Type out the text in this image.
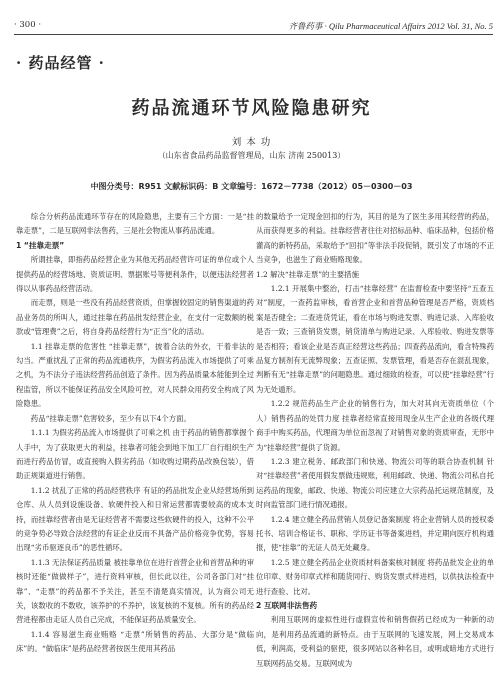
· 300 ·	齐鲁药事 · Qilu Pharmaceutical Affairs 2012 Vol. 31, No. 5
· 药品经管 ·
药品流通环节风险隐患研究
刘 本 功
（山东省食品药品监督管理局，山东 济南 250013）
中图分类号：R951 文献标识码：B 文章编号：1672－7738（2012）05－0300－03

综合分析药品流通环节存在的风险隐患，主要有三个方面：一是“挂靠走票”，二是互联网非法售药，三是社会物流从事药品流通。

1 “挂靠走票”

所谓挂靠，即指药品经营企业为其他无药品经营许可证的单位或个人提供药品的经营场地、资质证明、票据账号等便利条件，以便违法经营者得以从事药品经营活动。

而走票，则是一些没有药品经营资质，但掌握较固定的销售渠道的药品业务员的所叫人，通过挂靠在药品批发经营企业，在支付一定数额的税款或“管理费”之后，将自身药品经营行为“正当”化的活动。

1.1 挂靠走票的危害性 “挂靠走票”，披着合法的外衣，干着非法的勾当。严重扰乱了正常的药品流通秩序，为假劣药品流入市场提供了可乘之机，为不法分子违法经营药品创造了条件。因为药品质量本能能到全过程监管，所以不能保证药品安全风险可控，对人民群众用药安全构成了风险隐患。

药品“挂靠走票”危害较多，至少有以下4个方面。

1.1.1 为假劣药品流入市场提供了可乘之机 由于药品的销售都掌握个人手中，为了获取更大的利益，挂靠者可能会到地下加工厂自行组织生产而进行药品仿冒，或直接购入假劣药品（如收购过期药品改换包装），借助正规渠道进行销售。

1.1.2 扰乱了正常的药品经营秩序 有证的药品批发企业从经营场所到仓库、从人员到设施设备、软硬件投入和日常运营都需要较高的成本支持，而挂靠经营者由是无证经营者不需要这些软硬件的投入，这种不公平的竞争势必导致合法经营的有证企业反而不具备产品价格竞争优势，容易出现“劣币驱逐良币”的恶性循环。

1.1.3 无法保证药品质量 被挂靠单位在进行首营企业和首营品种的审核时还能“做做样子”，进行资料审核，但长此以往，公司各部门对“挂靠”、“走票”的药品都不予关注，甚至不清楚真实情况，认为商公司无关，该数收的不数收，该养护的不养护，该复核的不复核。所有的药品经营进程都由走证人员自己完成，不能保证药品质量安全。

1.1.4 容易滋生商业贿赂 “走票”所销售的药品、大部分是“做临床”的。“做临床”是药品经营者按医生使用其药品

的数量给予一定现金回扣的行为，其目的是为了医生多用其经营的药品，从而获得更多的利益。挂靠经营者往往对招标品种、临床品种，包括价格灌高的新特药品，采取给予“回扣”等非法手段促销，既引发了市场的不正当竞争，也滋生了商业贿赂现象。

1.2 解决“挂靠走票”的主要措施

1.2.1 开展集中整治，打击“挂靠经营” 在监督检查中要坚持“五查五对”制度，一查药监审核，看首营企业和首营品种管理是否严格，资质档案是否健全；二查进货凭证，看在市场与购进发票、购进记录、入库验收是否一致；三查销货发票，销货清单与购进记录、入库验收、购进发票等是否相符；看该企业是否真正经营这些药品；四查药品流向，看含特殊药品复方制剂有无流弊现象；五查证照、发票管理，看是否存在混乱现象，判断有无“挂靠走票”的问题隐患。通过细致的检查，可以使“挂靠经营”行为无处遁形。

1.2.2 规范药品生产企业的销售行为，加大对其向无资质单位（个人）销售药品的处罚力度 挂靠者经常直接用现金从生产企业的各级代理商手中购买药品，代理商为单位而忽视了对销售对象的资质审查，无形中为“挂靠经营”提供了货源。

1.2.3 建立税务、邮政部门和快递、物流公司等的联合协查机制 针对“挂靠经营”者使用假发票做违规账，利用邮政、快递、物流公司私自托运药品的现象，邮政、快递、物流公司应建立大宗药品托运规范制度，及时向监管部门进行情况通报。

1.2.4 建立健全药品营销人员登记备案制度 将企业营销人员的授权委托书、培训合格证书、职称、学历证书等备案进档，并定期向医疗机构通报，使“挂靠”的无证人员无处藏身。

1.2.5 建立健全药品企业资质材料备案核对制度 将药品批发企业的单位印章、财务印章式样和随货同行、购货发票式样进档，以供执法检查中进行查验、比对。

2 互联网非法售药

利用互联网的虚拟性进行虚假宣传和销售假药已经成为一种新的动向，是利用药品流通的新特点。由于互联网的飞速发展，网上交易成本低，利润高，受利益的驱使，很多网站以各种名目，或明或暗地方式进行互联网药品交易。互联网成为
